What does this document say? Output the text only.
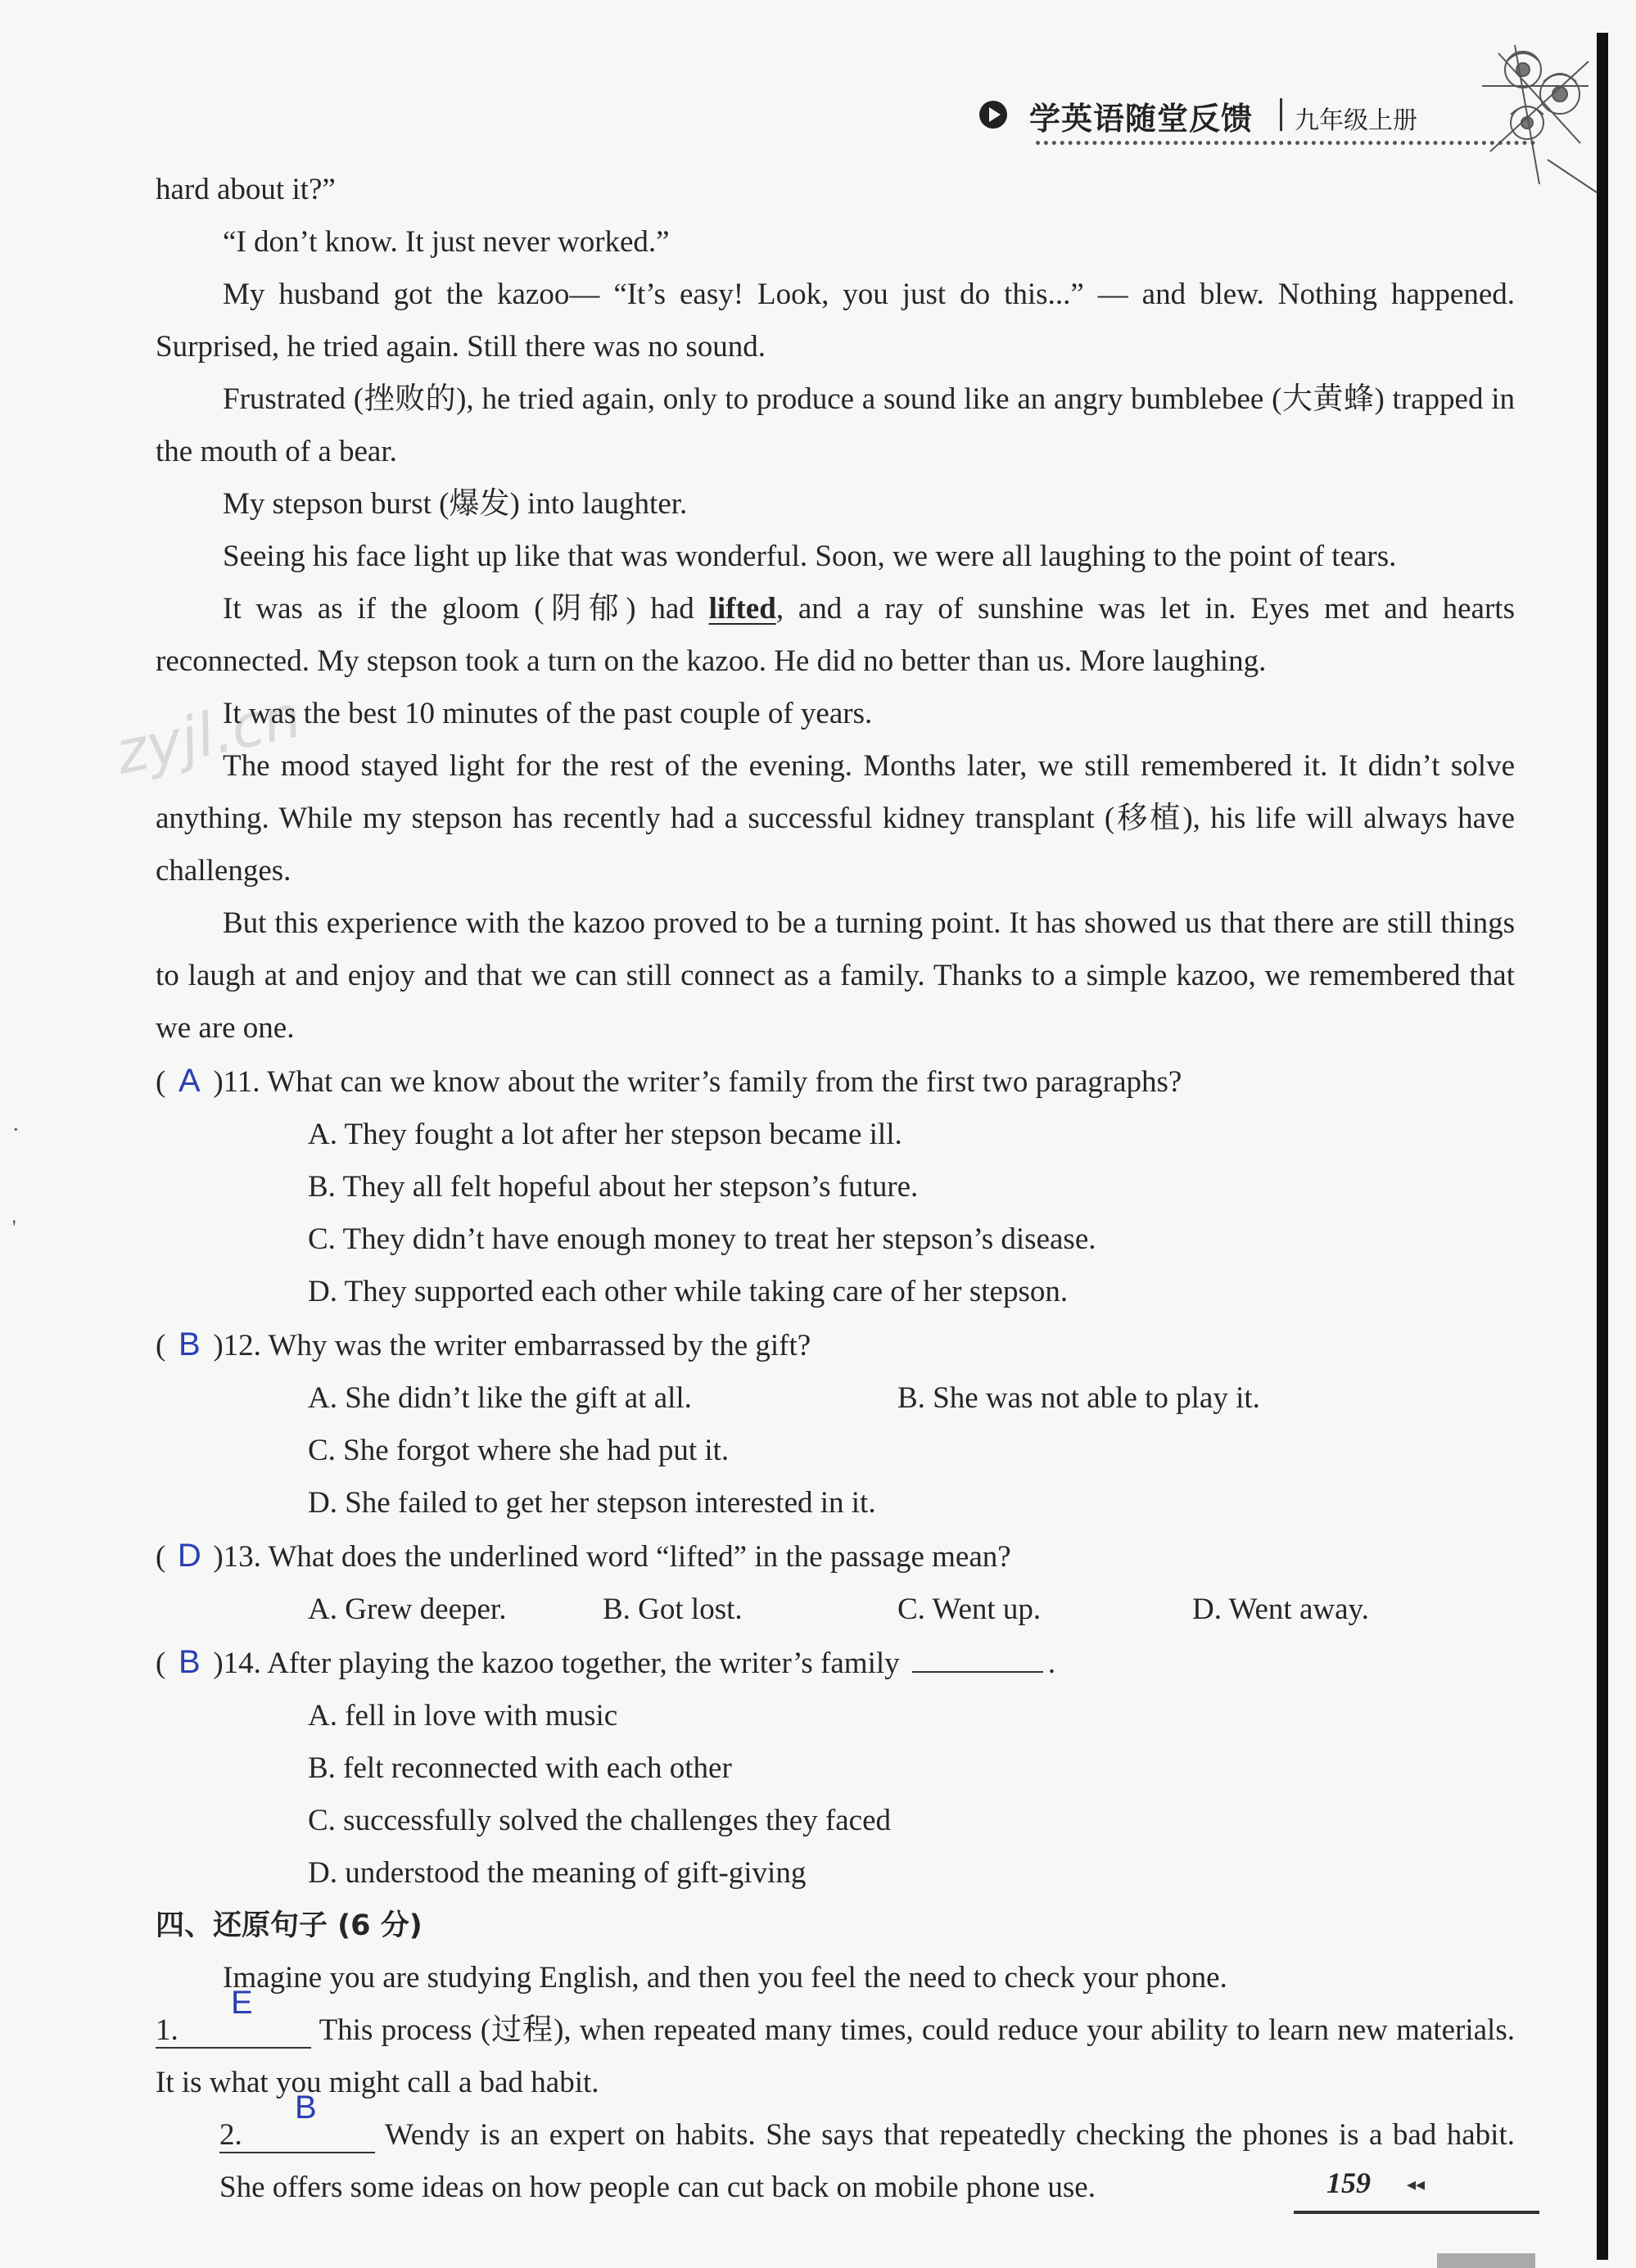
学英语随堂反馈 九年级上册
zyjl.cn
·
'

hard about it?”

“I don’t know. It just never worked.”

My husband got the kazoo— “It’s easy! Look, you just do this...” — and blew. Nothing happened. Surprised, he tried again. Still there was no sound.

Frustrated (挫败的), he tried again, only to produce a sound like an angry bumblebee (大黄蜂) trapped in the mouth of a bear.

My stepson burst (爆发) into laughter.

Seeing his face light up like that was wonderful. Soon, we were all laughing to the point of tears.

It was as if the gloom (阴郁) had lifted, and a ray of sunshine was let in. Eyes met and hearts reconnected. My stepson took a turn on the kazoo. He did no better than us. More laughing.

It was the best 10 minutes of the past couple of years.

The mood stayed light for the rest of the evening. Months later, we still remembered it. It didn’t solve anything. While my stepson has recently had a successful kidney transplant (移植), his life will always have challenges.

But this experience with the kazoo proved to be a turning point. It has showed us that there are still things to laugh at and enjoy and that we can still connect as a family. Thanks to a simple kazoo, we remembered that we are one.

( A )11. What can we know about the writer’s family from the first two paragraphs?

A. They fought a lot after her stepson became ill.

B. They all felt hopeful about her stepson’s future.

C. They didn’t have enough money to treat her stepson’s disease.

D. They supported each other while taking care of her stepson.

( B )12. Why was the writer embarrassed by the gift?

A. She didn’t like the gift at all.	B. She was not able to play it.

C. She forgot where she had put it.

D. She failed to get her stepson interested in it.

( D )13. What does the underlined word “lifted” in the passage mean?

A. Grew deeper.	B. Got lost.	C. Went up.	D. Went away.

( B )14. After playing the kazoo together, the writer’s family	.

A. fell in love with music

B. felt reconnected with each other

C. successfully solved the challenges they faced

D. understood the meaning of gift-giving

四、还原句子 (6 分)

Imagine you are studying English, and then you feel the need to check your phone.

1.
E
This process (过程), when repeated many times, could reduce your ability to learn new materials. It is what you might call a bad habit.

2.
B
Wendy is an expert on habits. She says that repeatedly checking the phones is a bad habit. She offers some ideas on how people can cut back on mobile phone use.	159 ◂◂
